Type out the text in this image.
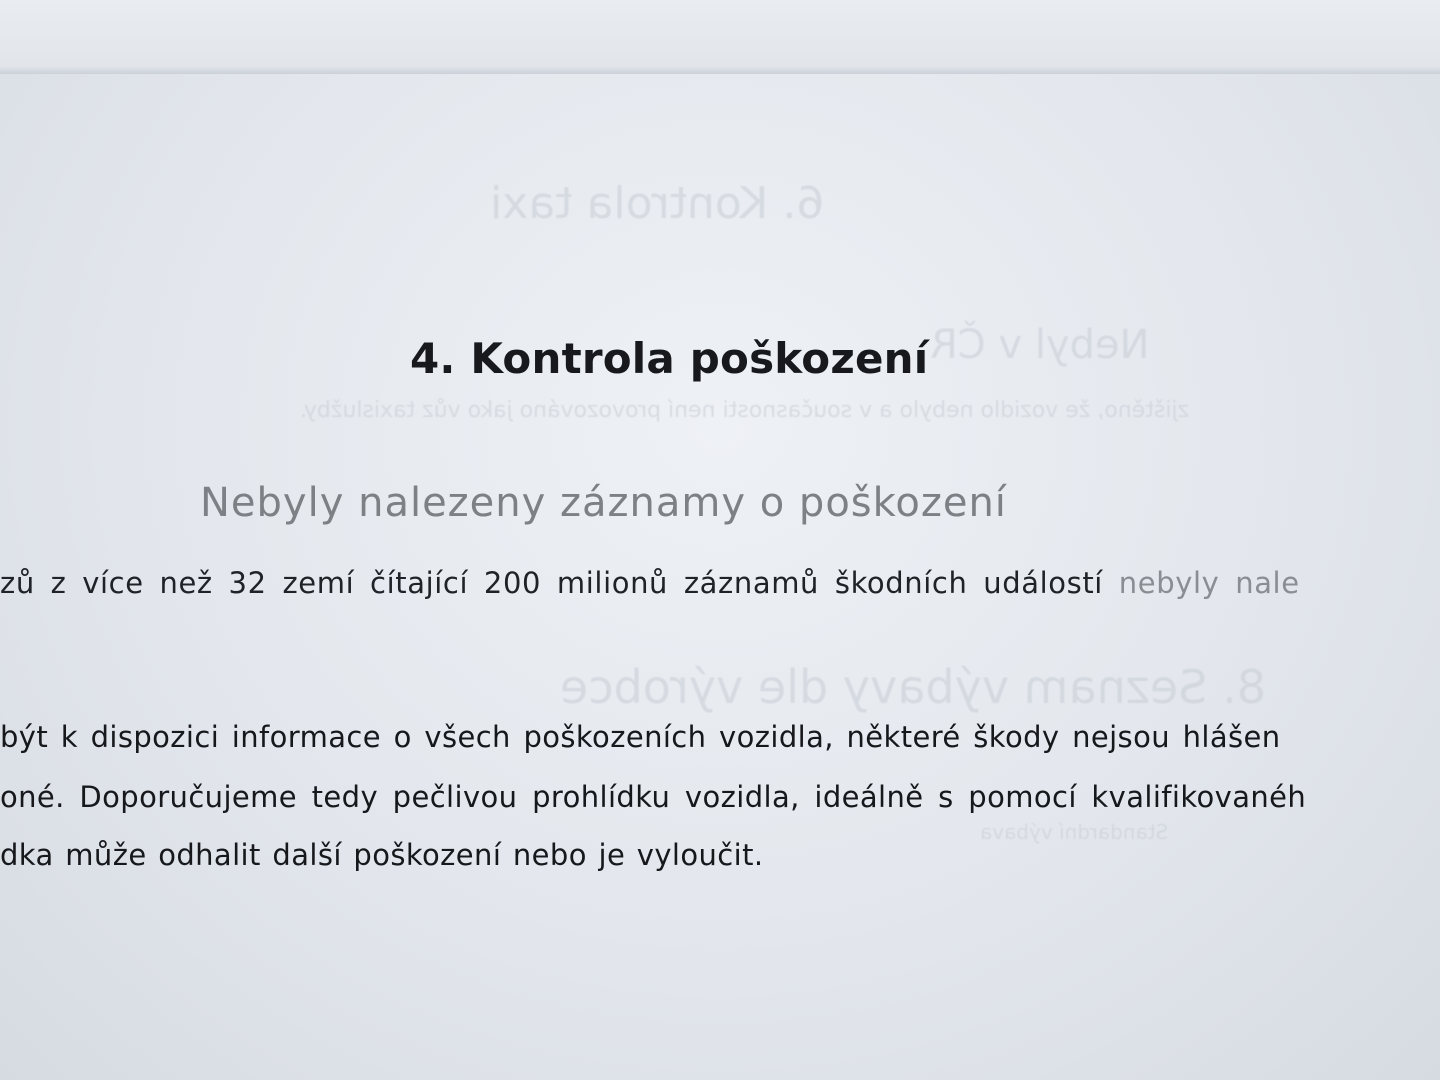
6. Kontrola taxi
Nebyl v ČR
zjištěno, že vozidlo nebylo a v současnosti není provozováno jako vůz taxislužby.
8. Seznam výbavy dle výrobce
Standardní výbava
4. Kontrola poškození
Nebyly nalezeny záznamy o poškození
zů z více než 32 zemí čítající 200 milionů záznamů škodních událostí nebyly nale
být k dispozici informace o všech poškozeních vozidla, některé škody nejsou hlášen
oné. Doporučujeme tedy pečlivou prohlídku vozidla, ideálně s pomocí kvalifikovanéh
dka může odhalit další poškození nebo je vyloučit.
